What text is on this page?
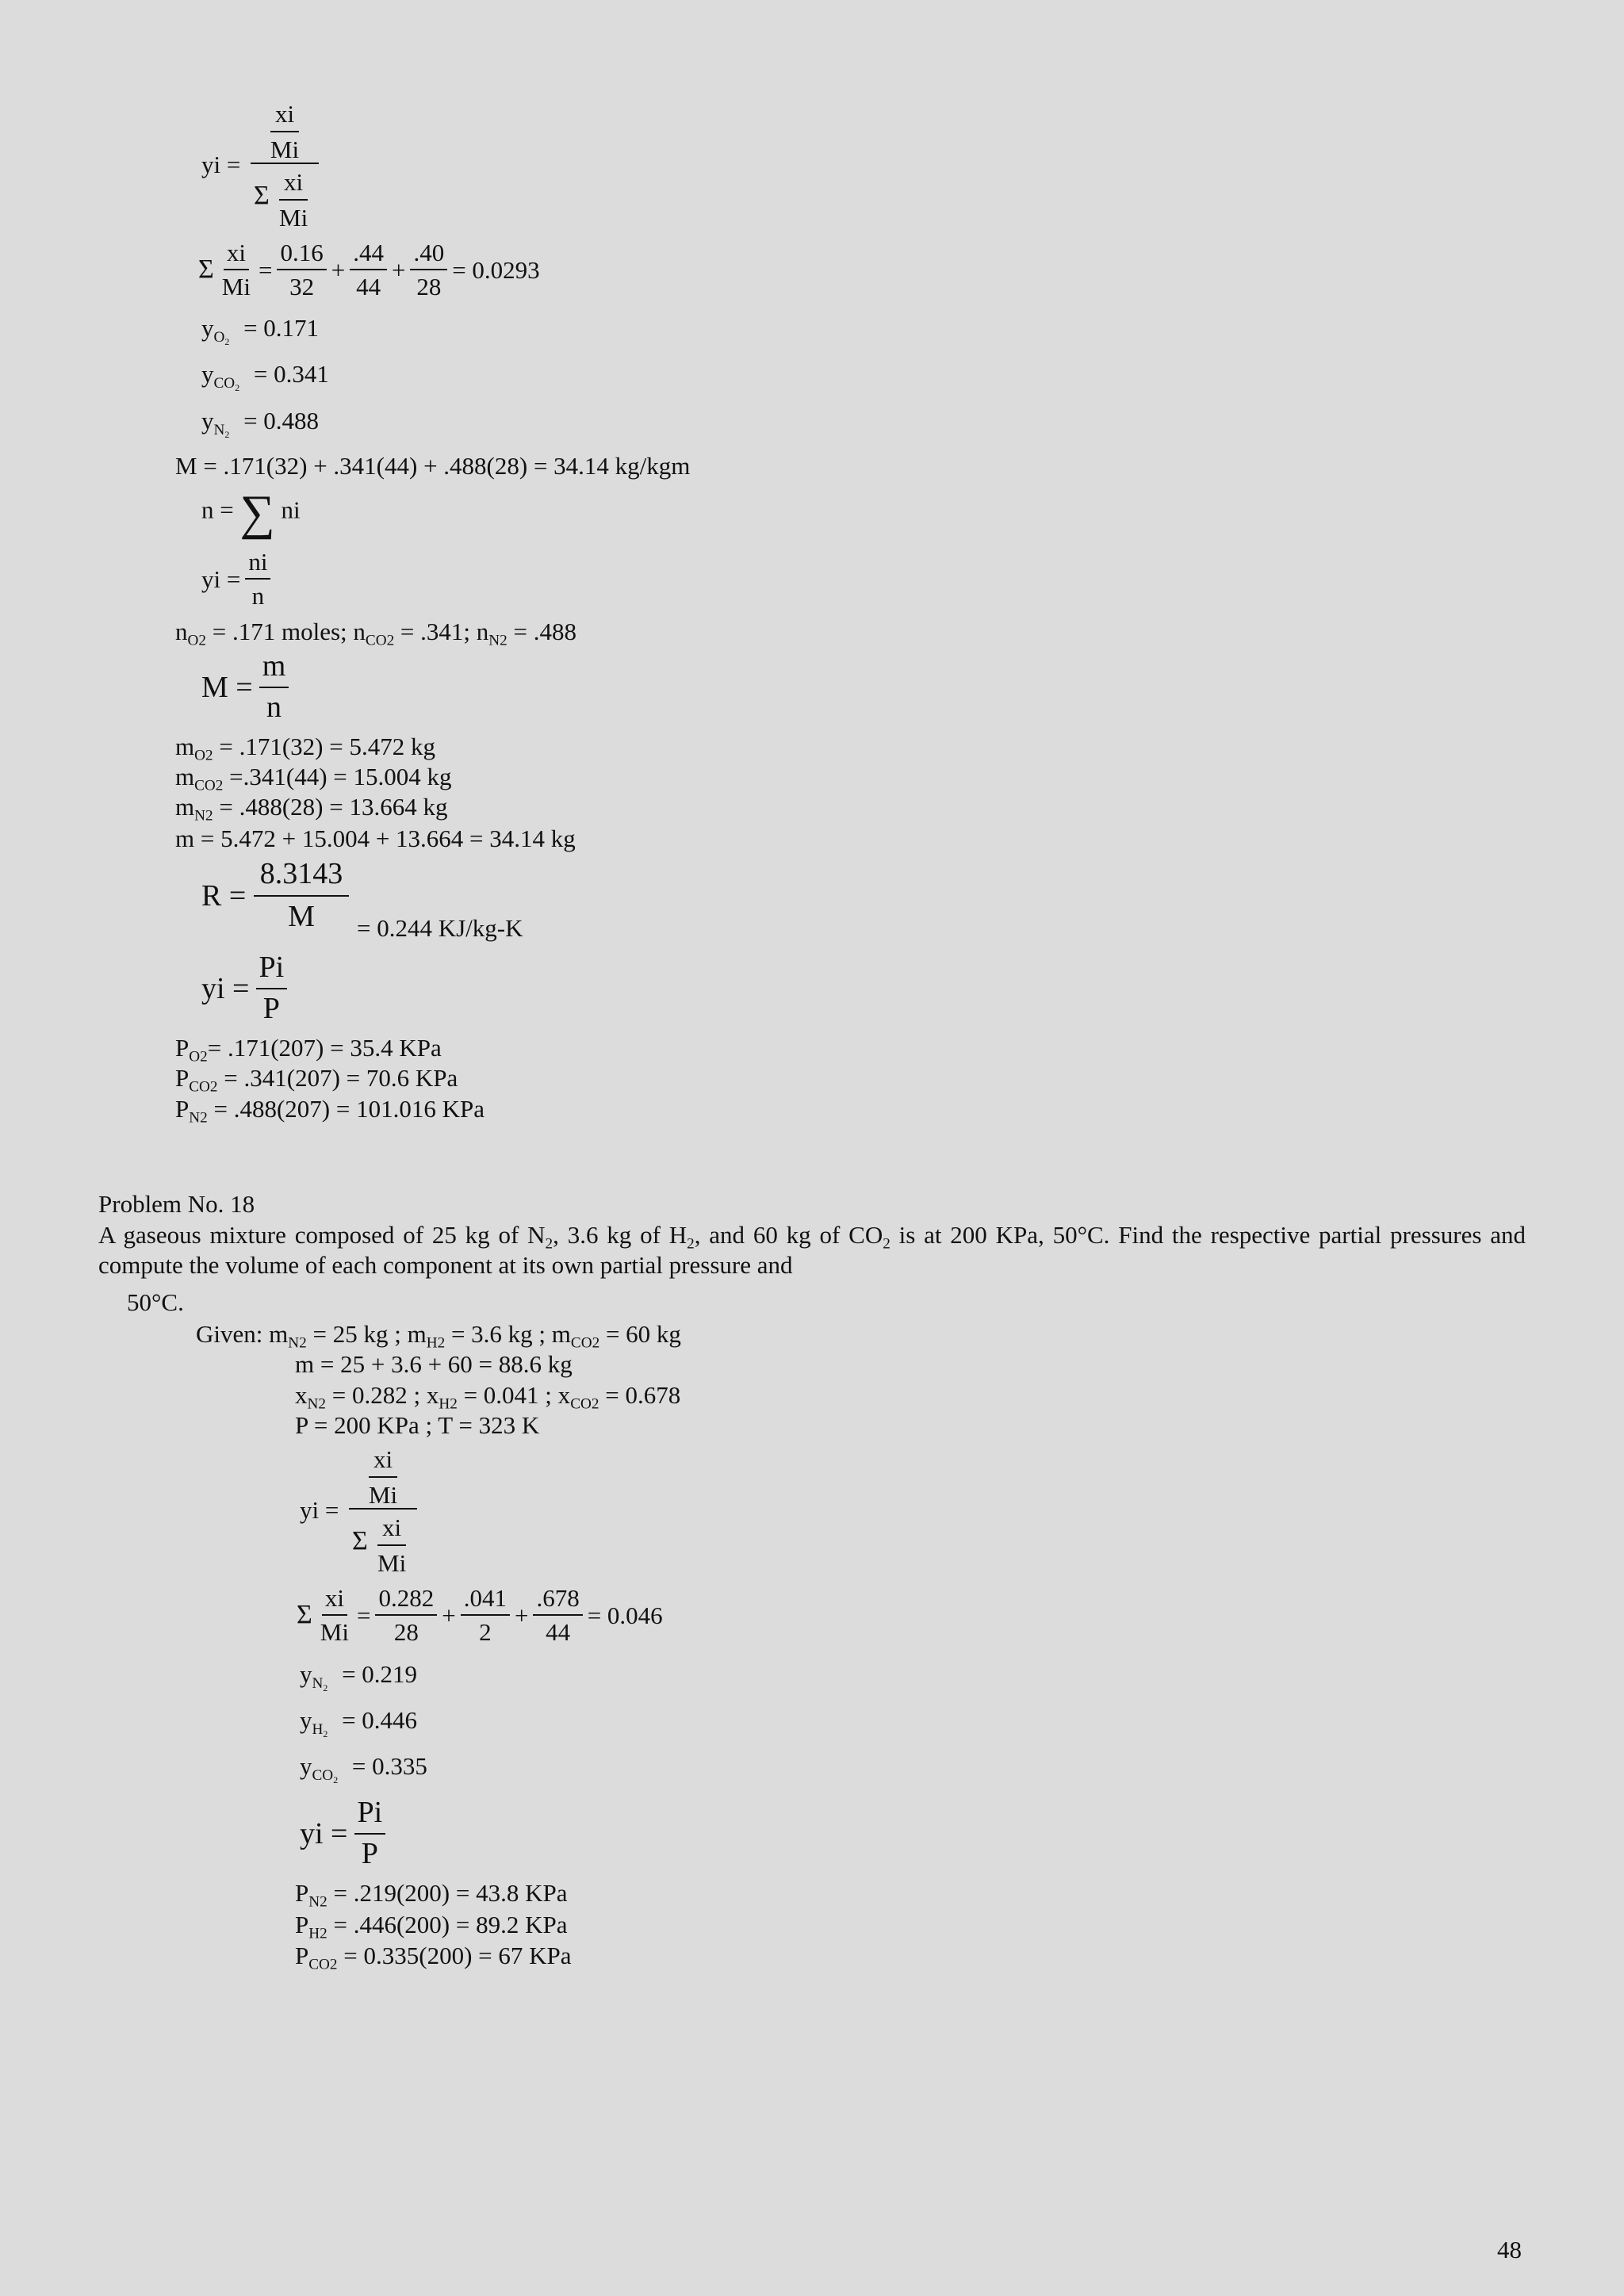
yi =
xi
Mi
Σ xi
Mi
Σ $\frac{xi}{Mi} = \frac{0.16}{32} + \frac{.44}{44} + \frac{.40}{28} = 0.0293$
$y_{O_2} = 0.171$
$y_{CO_2} = 0.341$
$y_{N_2} = 0.488$
M = .171(32) + .341(44) + .488(28) = 34.14 kg/kgm
n = ∑ ni
yi = $\frac{ni}{n}$
$n_{O2} = .171$ moles; $n_{CO2} = .341$; $n_{N2} = .488$
$M = \frac{m}{n}$
$m_{O2} = .171(32) = 5.472$ kg
$m_{CO2} =.341(44) = 15.004$ kg
$m_{N2} = .488(28) = 13.664$ kg
m = 5.472 + 15.004 + 13.664 = 34.14 kg
R =
8.3143
M	= 0.244 KJ/kg-K
yi = $\frac{Pi}{P}$
$P_{O2}= .171(207) = 35.4$ KPa
$P_{CO2} = .341(207) = 70.6$ KPa
$P_{N2} = .488(207) = 101.016$ KPa
Problem No. 18
A gaseous mixture composed of 25 kg of $N_2$, 3.6 kg of $H_2$, and 60 kg of $CO_2$ is at 200 KPa, 50°C. Find the respective partial pressures and compute the volume of each component at its own partial pressure and
50°C.
Given: $m_{N2} = 25$ kg ; $m_{H2} = 3.6$ kg ; $m_{CO2} = 60$ kg
m = 25 + 3.6 + 60 = 88.6 kg
$x_{N2} = 0.282$ ; $x_{H2} = 0.041$ ; $x_{CO2} = 0.678$
P = 200 KPa ; T = 323 K
yi =
xi
Mi
Σ xi
Mi
Σ $\frac{xi}{Mi} = \frac{0.282}{28} + \frac{.041}{2} + \frac{.678}{44} = 0.046$
$y_{N_2} = 0.219$
$y_{H_2} = 0.446$
$y_{CO_2} = 0.335$
yi = $\frac{Pi}{P}$
$P_{N2} = .219(200) = 43.8$ KPa
$P_{H2} = .446(200) = 89.2$ KPa
$P_{CO2} = 0.335(200) = 67$ KPa
48
